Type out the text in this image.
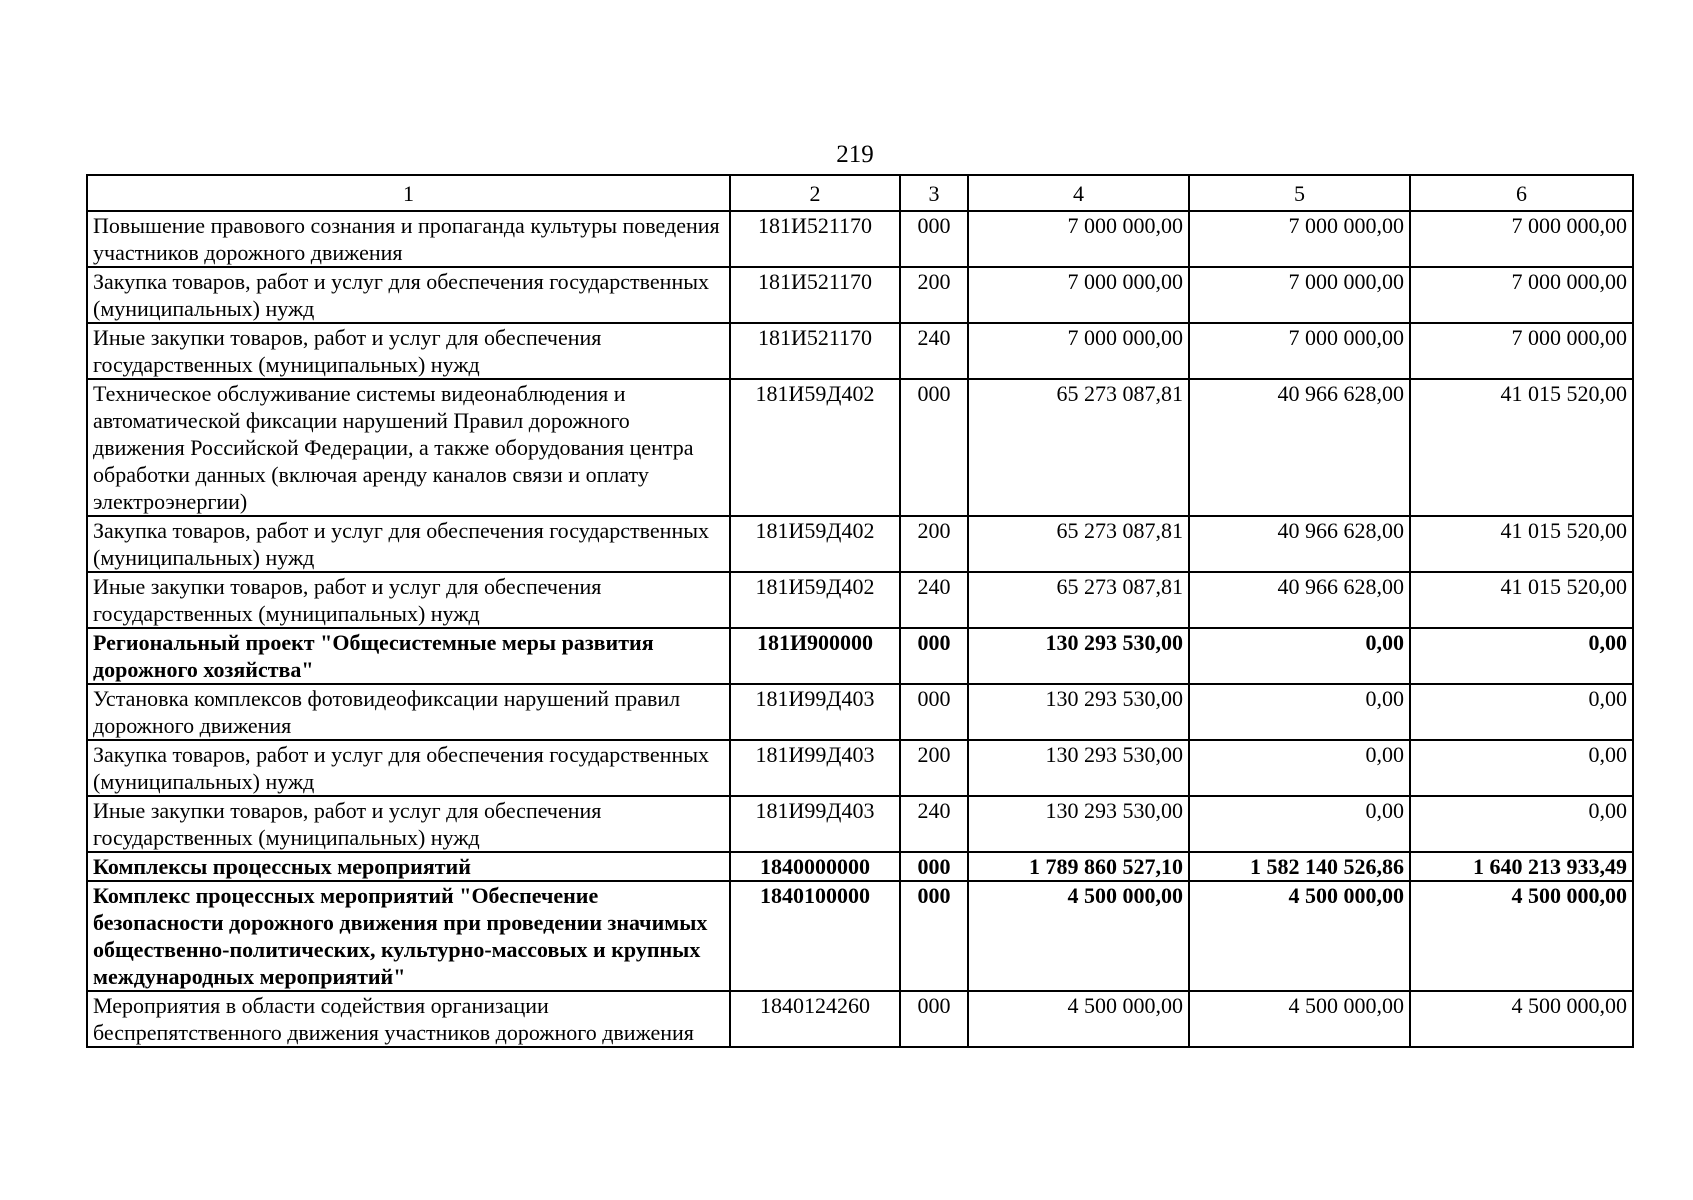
219
1	2	3	4	5	6
Повышение правового сознания и пропаганда культуры поведения участников дорожного движения	181И521170	000	7 000 000,00	7 000 000,00	7 000 000,00
Закупка товаров, работ и услуг для обеспечения государственных (муниципальных) нужд	181И521170	200	7 000 000,00	7 000 000,00	7 000 000,00
Иные закупки товаров, работ и услуг для обеспечения государственных (муниципальных) нужд	181И521170	240	7 000 000,00	7 000 000,00	7 000 000,00
Техническое обслуживание системы видеонаблюдения и автоматической фиксации нарушений Правил дорожного движения Российской Федерации, а также оборудования центра обработки данных (включая аренду каналов связи и оплату электроэнергии)	181И59Д402	000	65 273 087,81	40 966 628,00	41 015 520,00
Закупка товаров, работ и услуг для обеспечения государственных (муниципальных) нужд	181И59Д402	200	65 273 087,81	40 966 628,00	41 015 520,00
Иные закупки товаров, работ и услуг для обеспечения государственных (муниципальных) нужд	181И59Д402	240	65 273 087,81	40 966 628,00	41 015 520,00
Региональный проект "Общесистемные меры развития дорожного хозяйства"	181И900000	000	130 293 530,00	0,00	0,00
Установка комплексов фотовидеофиксации нарушений правил дорожного движения	181И99Д403	000	130 293 530,00	0,00	0,00
Закупка товаров, работ и услуг для обеспечения государственных (муниципальных) нужд	181И99Д403	200	130 293 530,00	0,00	0,00
Иные закупки товаров, работ и услуг для обеспечения государственных (муниципальных) нужд	181И99Д403	240	130 293 530,00	0,00	0,00
Комплексы процессных мероприятий	1840000000	000	1 789 860 527,10	1 582 140 526,86	1 640 213 933,49
Комплекс процессных мероприятий "Обеспечение безопасности дорожного движения при проведении значимых общественно-политических, культурно-массовых и крупных международных мероприятий"	1840100000	000	4 500 000,00	4 500 000,00	4 500 000,00
Мероприятия в области содействия организации беспрепятственного движения участников дорожного движения	1840124260	000	4 500 000,00	4 500 000,00	4 500 000,00
